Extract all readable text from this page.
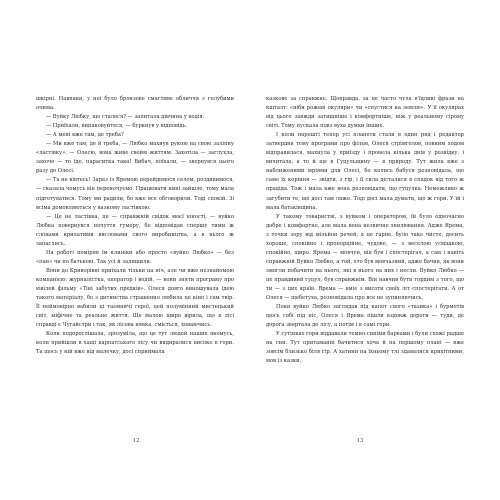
шкірні. Навпаки, у неї було бронзове смагляве обличчя з голубими очима.

— Вуйку Любку, що сталося? — запитала дівчина у водія.

— Приїхали, випаковуйтеся, — буркнув у відповідь.

— А мені вже там, де треба?

— Ми вже там, де й треба, — Любко махнув рукою на свою заліпну «ластівку». — Олесю, вона живе свойм життям. Захотіла — заглухла, захоче — то їде, параситка така! Вибач, поїхали, — звернувся цього разу до Олесі.

— Та не вівтесь! Зараз із Яремою перейдемося селом, роздивимося, — сказала чомусь він переночуємо. Працювати нині зайшло, тому мала підготуватися. Тому ми радили, бо вже все обговорили. Тоді спокій. Зі всіма домовляються у вазному ластівкою.

— Це не ластівка, це — справжній свідок моєї юності, — вуйко Любка повернувся почуття гумору, бо відповідав спершу тими ж словами крилатими висловами свого виробництва, а в нього ж запаслись.

На роботі поміряв їм клиніки або просто «вуйко Любко» — без «пан» чи по батькові. Так усі й залишили.

Вони до Криворівні приїхали тільки на ніч, але чи вже незнайомою компанією: журналістка, оператор і водій, — вони зняти програму про ювілей фільму «Тіні забутих предків». Олеся довго виношувала ідею такого матеріалу, бо з дитинства страшенно любила це кіно і сам твір. Її неймовірно вабили ці таємничі герої, цей полумінний мистецький світ, міфічне та реальне життя. Ще малою щиро вірила, що в лісі справді є Чугайстри і так, як лісова нявка, сміється, ховаючись.

Коли подорослішала, зрозуміла, що це тут людей наших якомусь, коли прийшли в хащі карпатського лісу чи видиралися високо в гори. Та щось у ній вже від малечку, досі сприймала

12

казкове за справжнє. Щоправда, за це часто чула в'їдливі фрази на кшталт: «ніби рожеві окуляри» чи «спустися на землю». У її окулярах від цього завжди затишніше і комфортніше, ніж у реальному сірому світі. Тому пускала повз вуха думки інших.

І коли нарешті тепер усі планети стали в один ряд і редактор затвердив тему програми про фільм, Олеся стрімголов, повним ходом відправилася, махнула у приїзду і провела кілька днів у розвідку, і вичитала, а то й ще в Гуцульщину — в природу. Тут жила вже з наближеними мріями для Олесі, бо колись бабуся розповідала, що саме їх коріння — звідти, з гір, і її сила дісталися в спадок від того ж прадіда. Тож і мала вже вона розповідати, що гуцулка. Неможливо ж загубити те, що досі там ляже. Тоді досі мала думати, що ж гори. У їй і мала батьківщина.

У такому товаристві, з вуйком і оператором, їй було одночасно добре і комфортно, але мала вона незвичне хвилювання. Адже Ярема, з точки зору від мільйон речей, а це гарне, було таке чисте, досить хороше, спокійно і пропорційне, чудове, — з веселою усмішкою, спокійно, щиро. Ярема — мовчун, він був і спостерігач, а сам і навіть справжній Вуйко Любко, а той, хто був мовчазний, адже бачив, як вони змогли побачити на нього, які в нього на них і несли. Вуйко Любко — це правдивий гуцул, був справжнім. Він навчив бути гордим з того, що ти — з цих країв. Ярема — вміє з висоти своїх літ спостерігати. А от Олеся — щебетуха, розповідала про все не зупиняючись.

Поки вуйко Любко заглядав під капот свого «тазика» і бурмотів щось собі під ніс, Олеся і Ярема пішли вздовж дороги — туди, де дорога звертала до лісу, а потім і в самі гори.

У сутінках гори віддавали темно-синіми барвами і були схожі радше на сни. Тут притаманні бачитися хоча й на першому плані — вже зовсім близько біля гір. А хатини на їхньому тлі здавалися крихітними, мов із казки.

13
